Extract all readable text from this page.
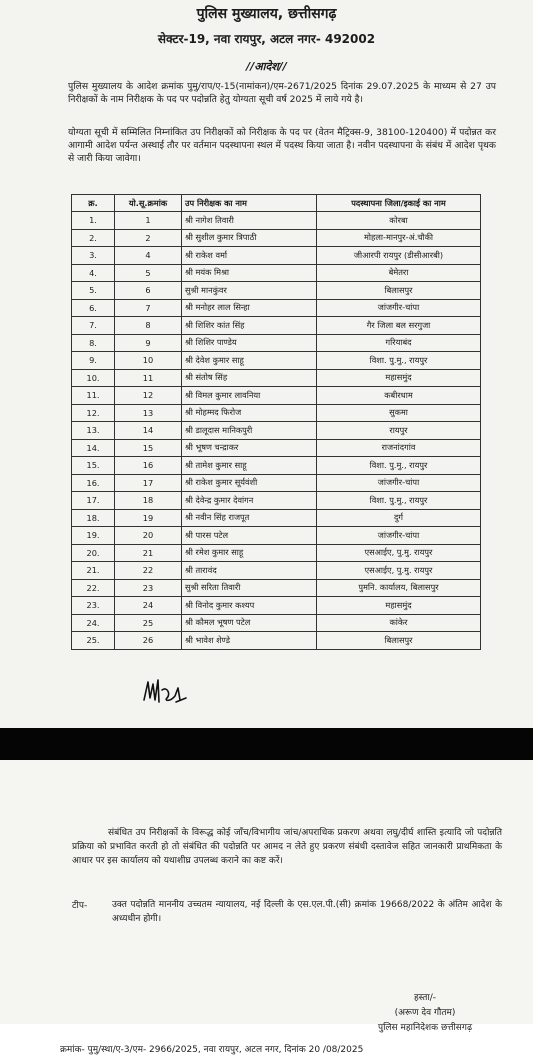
पुलिस मुख्यालय, छत्तीसगढ़
सेक्टर-19, नवा रायपुर, अटल नगर- 492002
//आदेश//
पुलिस मुख्यालय के आदेश क्रमांक पुमु/राप/ए-15(नामांकन)/एम-2671/2025 दिनांक 29.07.2025 के माध्यम से 27 उप निरीक्षकों के नाम निरीक्षक के पद पर पदोन्नति हेतु योग्यता सूची वर्ष 2025 में लाये गये है।
योग्यता सूची में सम्मिलित निम्नांकित उप निरीक्षकों को निरीक्षक के पद पर (वेतन मैट्रिक्स-9, 38100-120400) में पदोन्नत कर आगामी आदेश पर्यन्त अस्थाई तौर पर वर्तमान पदस्थापना स्थल में पदस्थ किया जाता है। नवीन पदस्थापना के संबंध में आदेश पृथक से जारी किया जावेगा।
क्र.	यो.सू.क्रमांक	उप निरीक्षक का नाम	पदस्थापना जिला/इकाई का नाम
1.	1	श्री नागेश तिवारी	कोरबा
2.	2	श्री सुशील कुमार त्रिपाठी	मोहला-मानपुर-अं.चौकी
3.	4	श्री राकेश वर्मा	जीआरपी रायपुर (डीसीआरबी)
4.	5	श्री मयंक मिश्रा	बेमेतरा
5.	6	सुश्री मानकुंवर	बिलासपुर
6.	7	श्री मनोहर लाल सिन्हा	जांजगीर-चांपा
7.	8	श्री शिशिर कांत सिंह	गैर जिला बल सरगुजा
8.	9	श्री शिशिर पाण्डेय	गरियाबंद
9.	10	श्री देवेश कुमार साहू	विशा. पु.मु., रायपुर
10.	11	श्री संतोष सिंह	महासमुंद
11.	12	श्री विमल कुमार लावनिया	कबीरधाम
12.	13	श्री मोहम्मद फिरोज	सुकमा
13.	14	श्री डालूदास मानिकपुरी	रायपुर
14.	15	श्री भूषण चन्द्राकर	राजनांदगांव
15.	16	श्री तामेश कुमार साहू	विशा. पु.मु., रायपुर
16.	17	श्री राकेश कुमार सूर्यवंशी	जांजगीर-चांपा
17.	18	श्री देवेन्द्र कुमार देवांगन	विशा. पु.मु., रायपुर
18.	19	श्री नवीन सिंह राजपूत	दुर्ग
19.	20	श्री पारस पटेल	जांजगीर-चांपा
20.	21	श्री रमेश कुमार साहू	एसआईए, पु.मु. रायपुर
21.	22	श्री तारावंद	एसआईए, पु.मु. रायपुर
22.	23	सुश्री सरिता तिवारी	पुमनि. कार्यालय, बिलासपुर
23.	24	श्री विनोद कुमार कश्यप	महासमुंद
24.	25	श्री कौमल भूषण पटेल	कांकेर
25.	26	श्री भावेश शेण्डे	बिलासपुर
संबंधित उप निरीक्षकों के विरूद्ध कोई जाँच/विभागीय जांच/अपराधिक प्रकरण अथवा लघु/दीर्घ शास्ति इत्यादि जो पदोन्नति प्रक्रिया को प्रभावित करती हो तो संबंधित की पदोन्नति पर आमद न लेते हुए प्रकरण संबंधी दस्तावेज सहित जानकारी प्राथमिकता के आधार पर इस कार्यालय को यथाशीघ्र उपलब्ध कराने का कष्ट करें।
टीप-	उक्त पदोन्नति माननीय उच्चतम न्यायालय, नई दिल्ली के एस.एल.पी.(सी) क्रमांक 19668/2022 के अंतिम आदेश के अध्यधीन होगी।
हस्ता/-
(अरूण देव गौतम)
पुलिस महानिदेशक छत्तीसगढ़
क्रमांक- पुमु/स्था/ए-3/एम- 2966/2025, नवा रायपुर, अटल नगर, दिनांक 20 /08/2025
